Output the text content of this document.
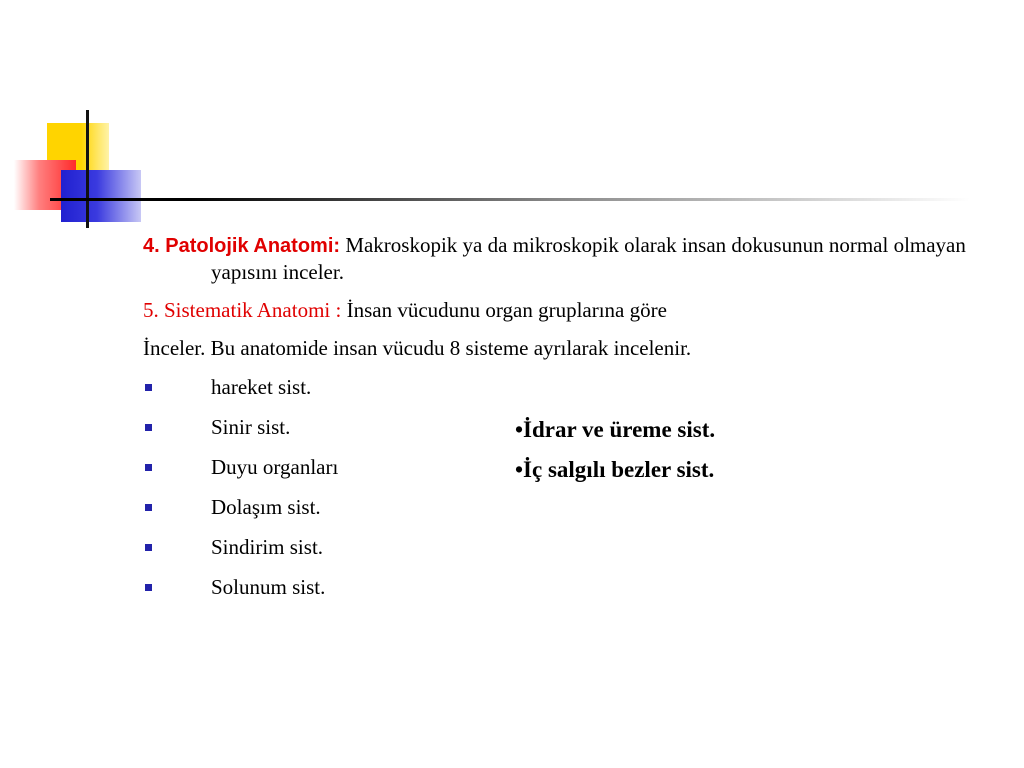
4. Patolojik Anatomi: Makroskopik ya da mikroskopik olarak insan dokusunun normal olmayan yapısını inceler.

5. Sistematik Anatomi : İnsan vücudunu organ gruplarına göre

İnceler. Bu anatomide insan vücudu 8 sisteme ayrılarak incelenir.

hareket sist.
Sinir sist.
Duyu organları
Dolaşım sist.
Sindirim sist.
Solunum sist.
•İdrar ve üreme sist.
•İç salgılı bezler sist.
